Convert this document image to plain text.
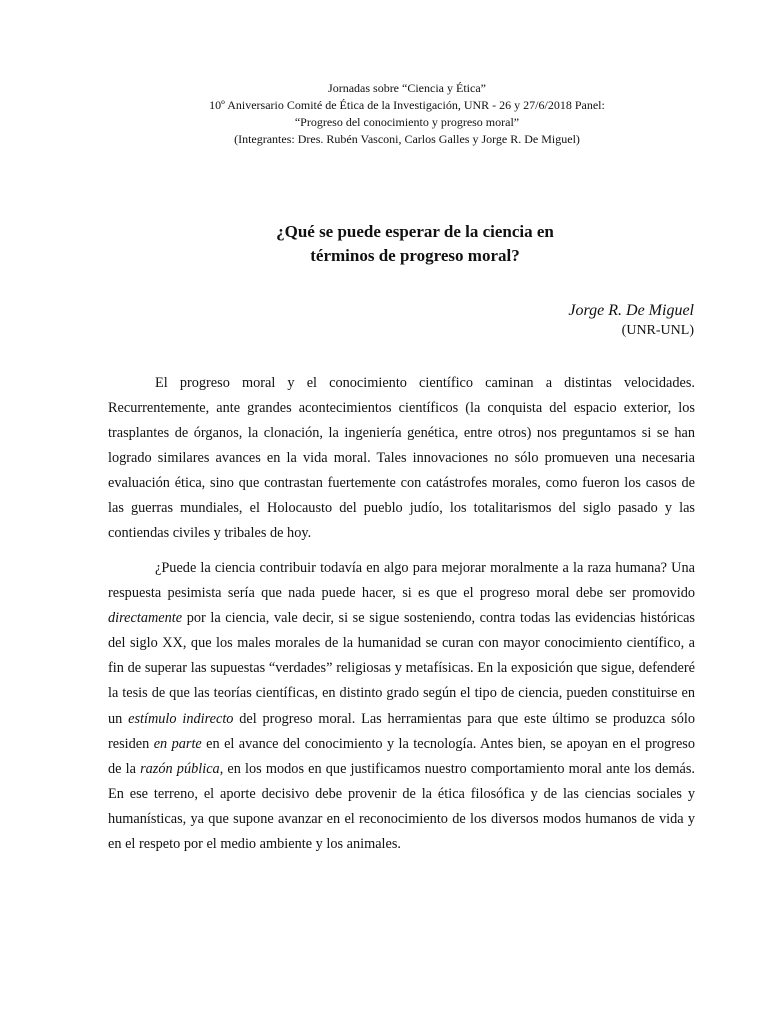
Jornadas sobre “Ciencia y Ética”
10º Aniversario Comité de Ética de la Investigación, UNR - 26 y 27/6/2018 Panel:
“Progreso del conocimiento y progreso moral”
(Integrantes: Dres. Rubén Vasconi, Carlos Galles y Jorge R. De Miguel)
¿Qué se puede esperar de la ciencia en
términos de progreso moral?
Jorge R. De Miguel
(UNR-UNL)

El progreso moral y el conocimiento científico caminan a distintas velocidades. Recurrentemente, ante grandes acontecimientos científicos (la conquista del espacio exterior, los trasplantes de órganos, la clonación, la ingeniería genética, entre otros) nos preguntamos si se han logrado similares avances en la vida moral. Tales innovaciones no sólo promueven una necesaria evaluación ética, sino que contrastan fuertemente con catástrofes morales, como fueron los casos de las guerras mundiales, el Holocausto del pueblo judío, los totalitarismos del siglo pasado y las contiendas civiles y tribales de hoy.

¿Puede la ciencia contribuir todavía en algo para mejorar moralmente a la raza humana? Una respuesta pesimista sería que nada puede hacer, si es que el progreso moral debe ser promovido directamente por la ciencia, vale decir, si se sigue sosteniendo, contra todas las evidencias históricas del siglo XX, que los males morales de la humanidad se curan con mayor conocimiento científico, a fin de superar las supuestas “verdades” religiosas y metafísicas. En la exposición que sigue, defenderé la tesis de que las teorías científicas, en distinto grado según el tipo de ciencia, pueden constituirse en un estímulo indirecto del progreso moral. Las herramientas para que este último se produzca sólo residen en parte en el avance del conocimiento y la tecnología. Antes bien, se apoyan en el progreso de la razón pública, en los modos en que justificamos nuestro comportamiento moral ante los demás. En ese terreno, el aporte decisivo debe provenir de la ética filosófica y de las ciencias sociales y humanísticas, ya que supone avanzar en el reconocimiento de los diversos modos humanos de vida y en el respeto por el medio ambiente y los animales.
